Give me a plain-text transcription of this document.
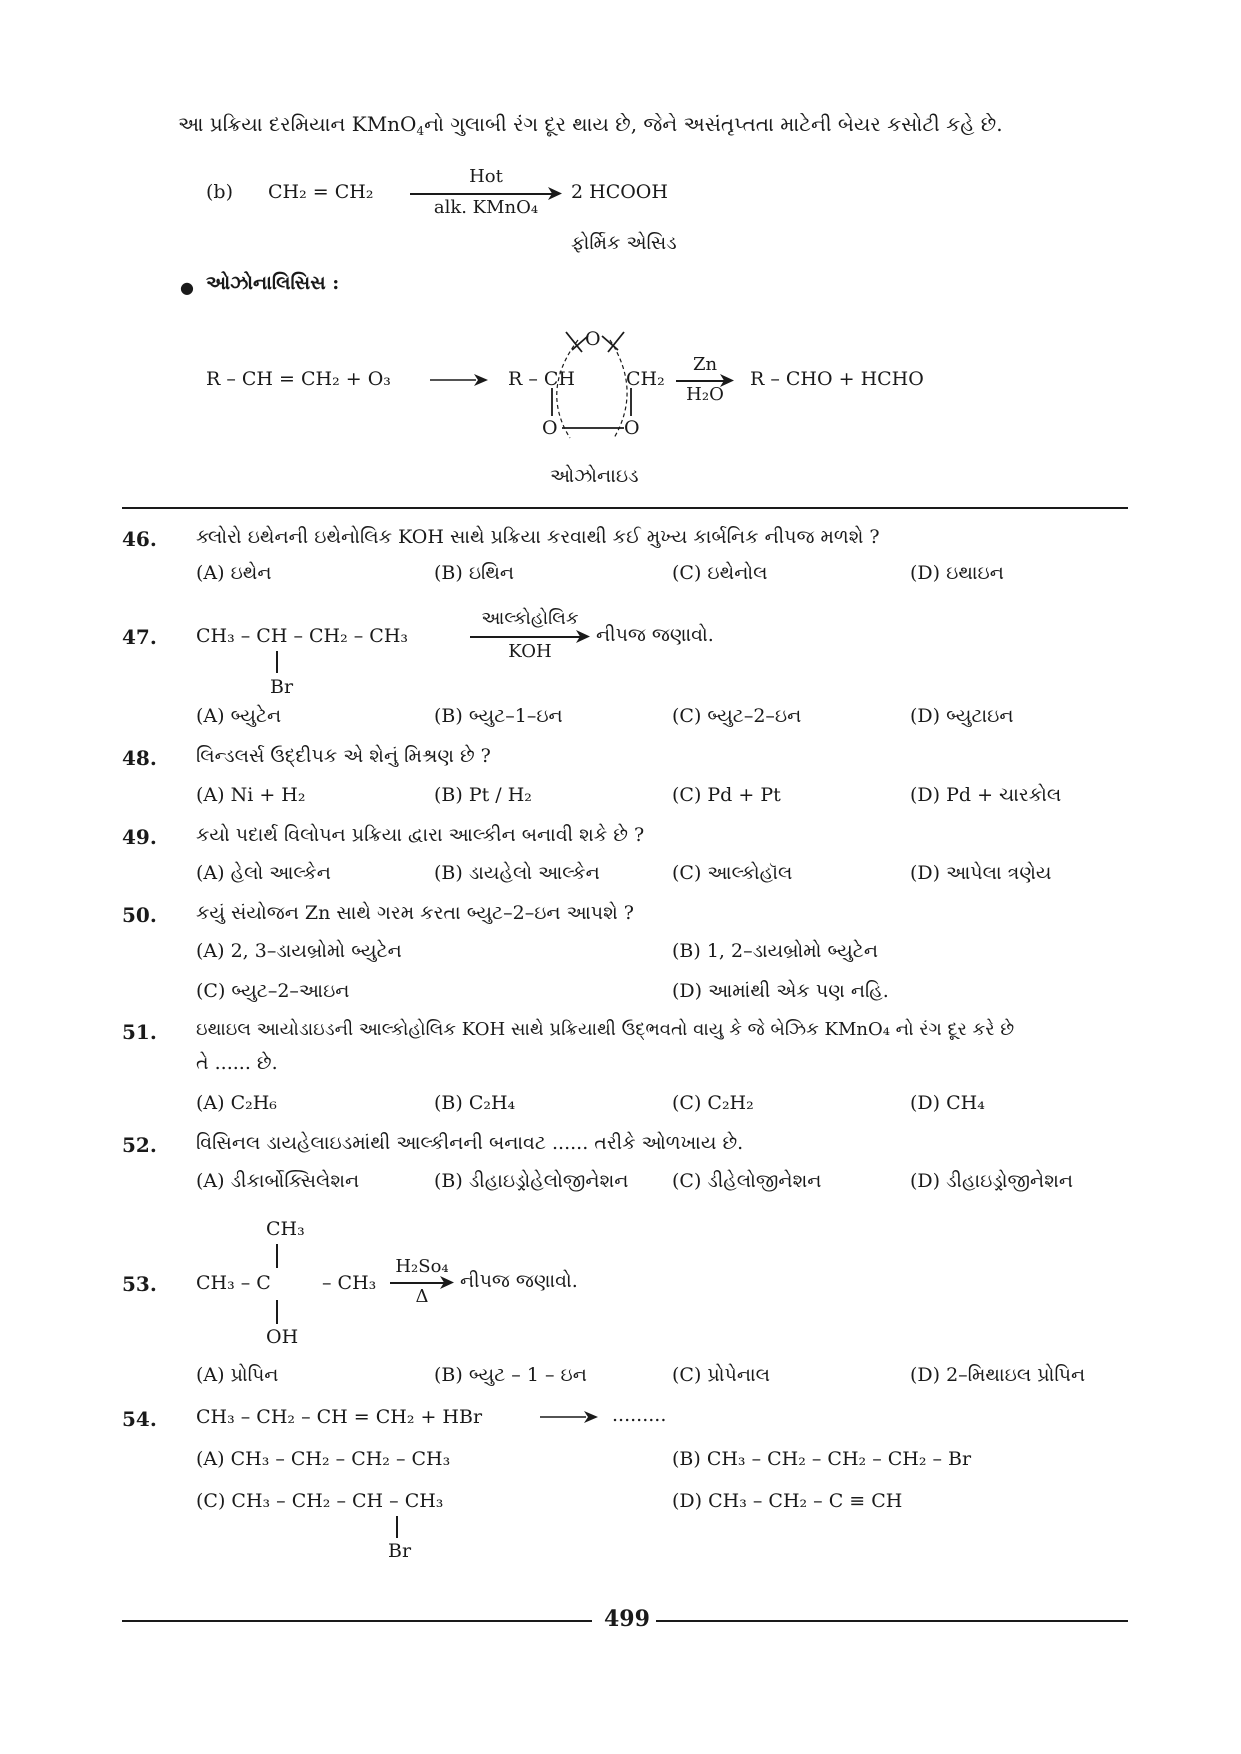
આ પ્રક્રિયા દરમિયાન KMnO$_4$નો ગુલાબી રંગ દૂર થાય છે, જેને અસંતૃપ્તતા માટેની બેયર કસોટી કહે છે.
(b) CH₂ = CH₂
Hot
alk. KMnO₄
2 HCOOH
ફોર્મિક એસિડ
● ઓઝોનાલિસિસ :
R – CH = CH₂ + O₃	R – CH	CH₂
O
O	O
Zn
H₂O
R – CHO + HCHO
ઓઝોનાઇડ
46. ક્લોરો ઇથેનની ઇથેનોલિક KOH સાથે પ્રક્રિયા કરવાથી કઈ મુખ્ય કાર્બનિક નીપજ મળશે ?
(A) ઇથેન	(B) ઇથિન	(C) ઇથેનોલ	(D) ઇથાઇન
47. CH₃ – CH – CH₂ – CH₃
Br
આલ્કોહોલિક
KOH
નીપજ જણાવો.
(A) બ્યુટેન	(B) બ્યુટ–1–ઇન	(C) બ્યુટ–2–ઇન	(D) બ્યુટાઇન
48. લિન્ડલર્સ ઉદ્દીપક એ શેનું મિશ્રણ છે ?
(A) Ni + H₂	(B) Pt / H₂	(C) Pd + Pt	(D) Pd + ચારકોલ
49. કયો પદાર્થ વિલોપન પ્રક્રિયા દ્વારા આલ્કીન બનાવી શકે છે ?
(A) હેલો આલ્કેન	(B) ડાયહેલો આલ્કેન	(C) આલ્કોહૉલ	(D) આપેલા ત્રણેય
50. કયું સંયોજન Zn સાથે ગરમ કરતા બ્યુટ–2–ઇન આપશે ?
(A) 2, 3–ડાયબ્રોમો બ્યુટેન	(B) 1, 2–ડાયબ્રોમો બ્યુટેન
(C) બ્યુટ–2–આઇન	(D) આમાંથી એક પણ નહિ.
51. ઇથાઇલ આયોડાઇડની આલ્કોહોલિક KOH સાથે પ્રક્રિયાથી ઉદ્‌ભવતો વાયુ કે જે બેઝિક KMnO₄ નો રંગ દૂર કરે છે
તે ...... છે.
(A) C₂H₆	(B) C₂H₄	(C) C₂H₂	(D) CH₄
52. વિસિનલ ડાયહેલાઇડમાંથી આલ્કીનની બનાવટ ...... તરીકે ઓળખાય છે.
(A) ડીકાર્બોક્સિલેશન	(B) ડીહાઇડ્રોહેલોજીનેશન (C) ડીહેલોજીનેશન	(D) ડીહાઇડ્રોજીનેશન
CH₃
53. CH₃ – C	– CH₃
OH
H₂So₄
Δ
નીપજ જણાવો.
(A) પ્રોપિન	(B) બ્યુટ – 1 – ઇન	(C) પ્રોપેનાલ	(D) 2–મિથાઇલ પ્રોપિન
54. CH₃ – CH₂ – CH = CH₂ + HBr	→ .........
(A) CH₃ – CH₂ – CH₂ – CH₃	(B) CH₃ – CH₂ – CH₂ – CH₂ – Br
(C) CH₃ – CH₂ – CH – CH₃
Br
(D) CH₃ – CH₂ – C ≡ CH
499
